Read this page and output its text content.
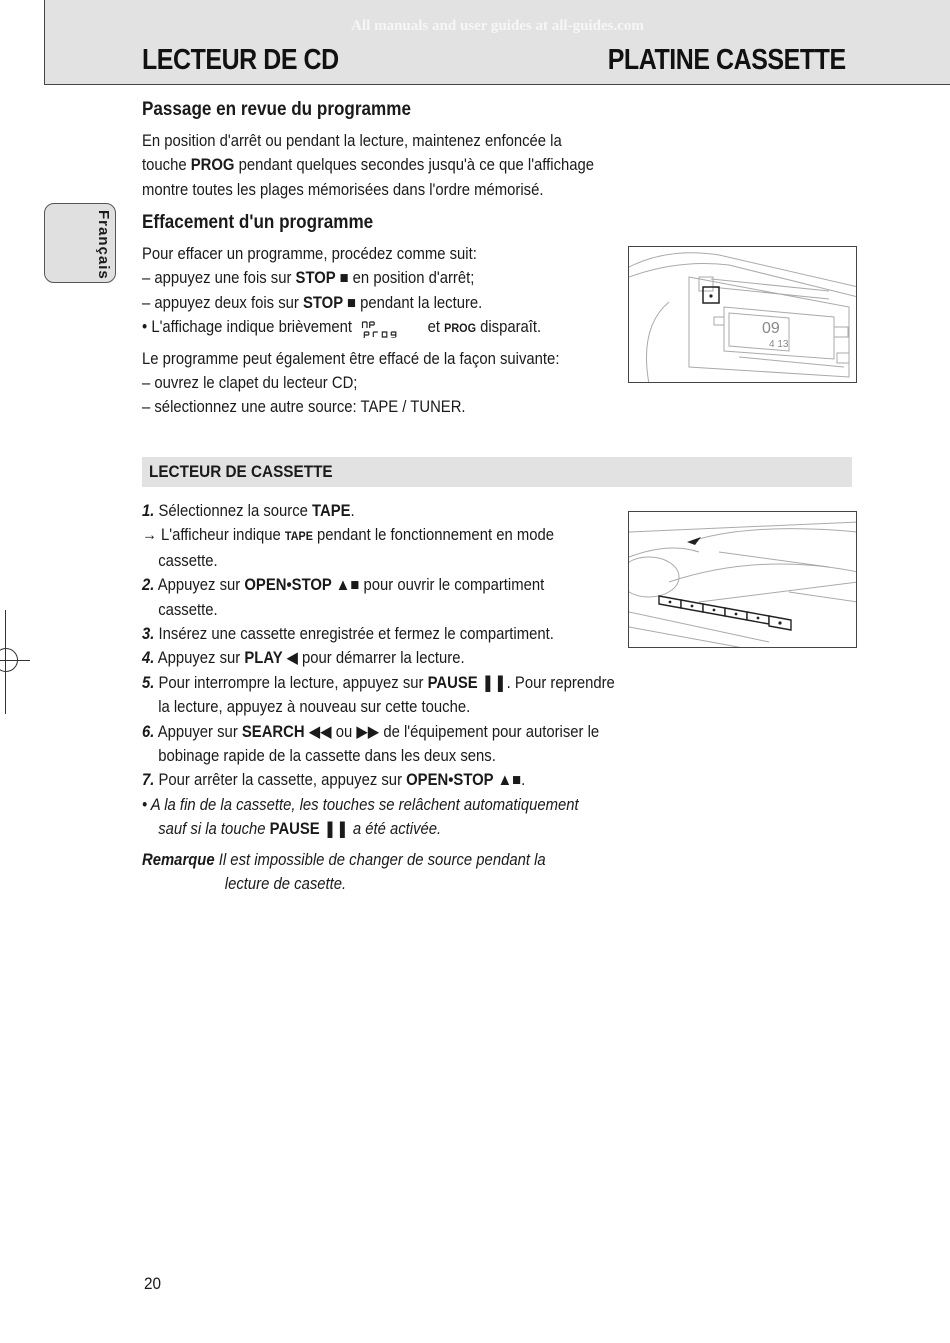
All manuals and user guides at all-guides.com
LECTEUR DE CD	PLATINE CASSETTE
Français
Passage en revue du programme

En position d'arrêt ou pendant la lecture, maintenez enfoncée la

touche PROG pendant quelques secondes jusqu'à ce que l'affichage

montre toutes les plages mémorisées dans l'ordre mémorisé.

Effacement d'un programme

Pour effacer un programme, procédez comme suit:

– appuyez une fois sur STOP ■ en position d'arrêt;

– appuyez deux fois sur STOP ■ pendant la lecture.

• L'affichage indique brièvement	et PROG disparaît.

Le programme peut également être effacé de la façon suivante:

– ouvrez le clapet du lecteur CD;

– sélectionnez une autre source: TAPE / TUNER.

09
4 13
LECTEUR DE CASSETTE

1. Sélectionnez la source TAPE.

→ L'afficheur indique TAPE pendant le fonctionnement en mode

cassette.

2. Appuyez sur OPEN•STOP ▲■ pour ouvrir le compartiment

cassette.

3. Insérez une cassette enregistrée et fermez le compartiment.

4. Appuyez sur PLAY ◀ pour démarrer la lecture.

5. Pour interrompre la lecture, appuyez sur PAUSE ❚❚. Pour reprendre

la lecture, appuyez à nouveau sur cette touche.

6. Appuyer sur SEARCH ◀◀ ou ▶▶ de l'équipement pour autoriser le

bobinage rapide de la cassette dans les deux sens.

7. Pour arrêter la cassette, appuyez sur OPEN•STOP ▲■.

• A la fin de la cassette, les touches se relâchent automatiquement

sauf si la touche PAUSE ❚❚ a été activée.

Remarque Il est impossible de changer de source pendant la

lecture de casette.

20
